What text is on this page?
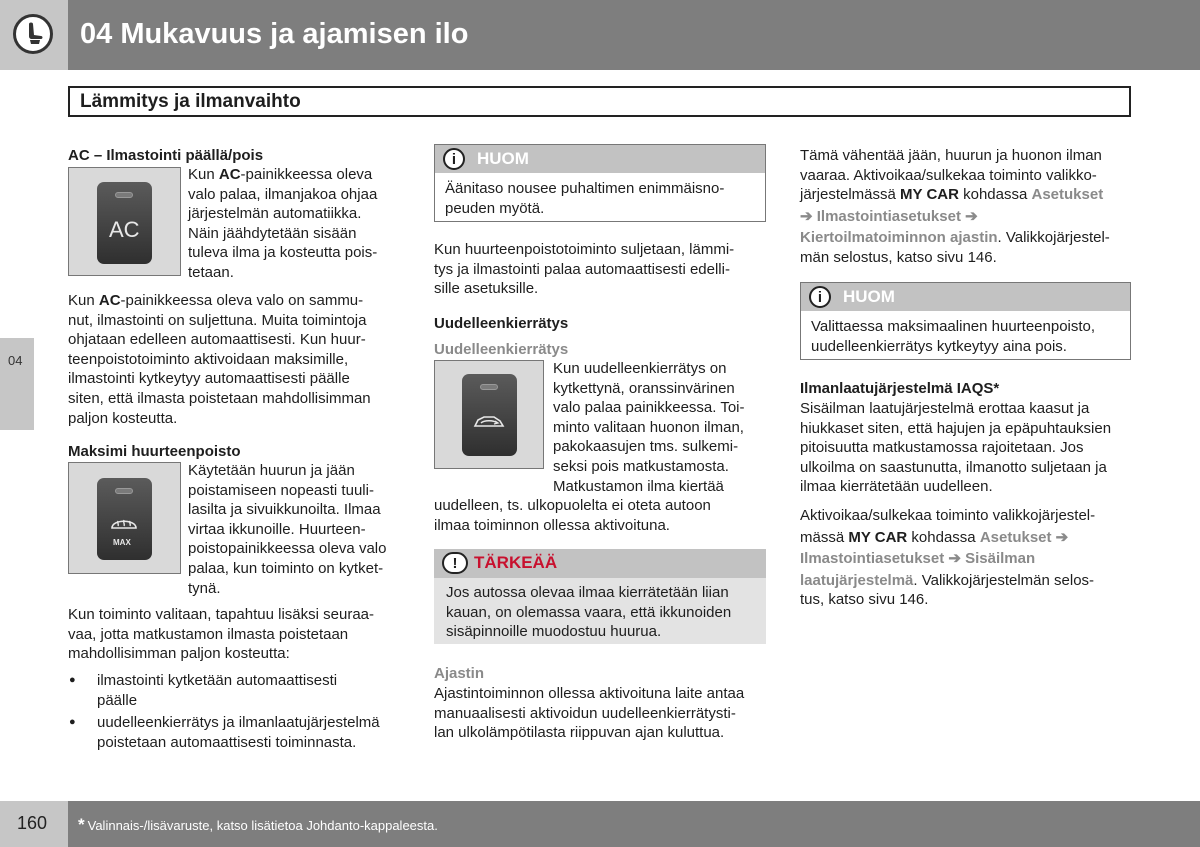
04 Mukavuus ja ajamisen ilo
Lämmitys ja ilmanvaihto
04
AC – Ilmastointi päällä/pois
AC
Kun AC-painikkeessa oleva
valo palaa, ilmanjakoa ohjaa
järjestelmän automatiikka.
Näin jäähdytetään sisään
tuleva ilma ja kosteutta pois-
tetaan.
Kun AC-painikkeessa oleva valo on sammu-
nut, ilmastointi on suljettuna. Muita toimintoja
ohjataan edelleen automaattisesti. Kun huur-
teenpoistotoiminto aktivoidaan maksimille,
ilmastointi kytkeytyy automaattisesti päälle
siten, että ilmasta poistetaan mahdollisimman
paljon kosteutta.
Maksimi huurteenpoisto
MAX
Käytetään huurun ja jään
poistamiseen nopeasti tuuli-
lasilta ja sivuikkunoilta. Ilmaa
virtaa ikkunoille. Huurteen-
poistopainikkeessa oleva valo
palaa, kun toiminto on kytket-
tynä.
Kun toiminto valitaan, tapahtuu lisäksi seuraa-
vaa, jotta matkustamon ilmasta poistetaan
mahdollisimman paljon kosteutta:
● ilmastointi kytketään automaattisesti
päälle
● uudelleenkierrätys ja ilmanlaatujärjestelmä
poistetaan automaattisesti toiminnasta.
i	HUOM
Äänitaso nousee puhaltimen enimmäisno-
peuden myötä.
Kun huurteenpoistotoiminto suljetaan, lämmi-
tys ja ilmastointi palaa automaattisesti edelli-
sille asetuksille.
Uudelleenkierrätys
Uudelleenkierrätys
Kun uudelleenkierrätys on
kytkettynä, oranssinvärinen
valo palaa painikkeessa. Toi-
minto valitaan huonon ilman,
pakokaasujen tms. sulkemi-
seksi pois matkustamosta.
Matkustamon ilma kiertää
uudelleen, ts. ulkopuolelta ei oteta autoon
ilmaa toiminnon ollessa aktivoituna.
! TÄRKEÄÄ
Jos autossa olevaa ilmaa kierrätetään liian
kauan, on olemassa vaara, että ikkunoiden
sisäpinnoille muodostuu huurua.
Ajastin
Ajastintoiminnon ollessa aktivoituna laite antaa
manuaalisesti aktivoidun uudelleenkierrätysti-
lan ulkolämpötilasta riippuvan ajan kuluttua.
Tämä vähentää jään, huurun ja huonon ilman
vaaraa. Aktivoikaa/sulkekaa toiminto valikko-
järjestelmässä MY CAR kohdassa Asetukset
➔ Ilmastointiasetukset ➔
Kiertoilmatoiminnon ajastin. Valikkojärjestel-
män selostus, katso sivu 146.
i	HUOM
Valittaessa maksimaalinen huurteenpoisto,
uudelleenkierrätys kytkeytyy aina pois.
Ilmanlaatujärjestelmä IAQS*
Sisäilman laatujärjestelmä erottaa kaasut ja
hiukkaset siten, että hajujen ja epäpuhtauksien
pitoisuutta matkustamossa rajoitetaan. Jos
ulkoilma on saastunutta, ilmanotto suljetaan ja
ilmaa kierrätetään uudelleen.
Aktivoikaa/sulkekaa toiminto valikkojärjestel-
mässä MY CAR kohdassa Asetukset ➔
Ilmastointiasetukset ➔ Sisäilman
laatujärjestelmä. Valikkojärjestelmän selos-
tus, katso sivu 146.
160 * Valinnais-/lisävaruste, katso lisätietoa Johdanto-kappaleesta.
